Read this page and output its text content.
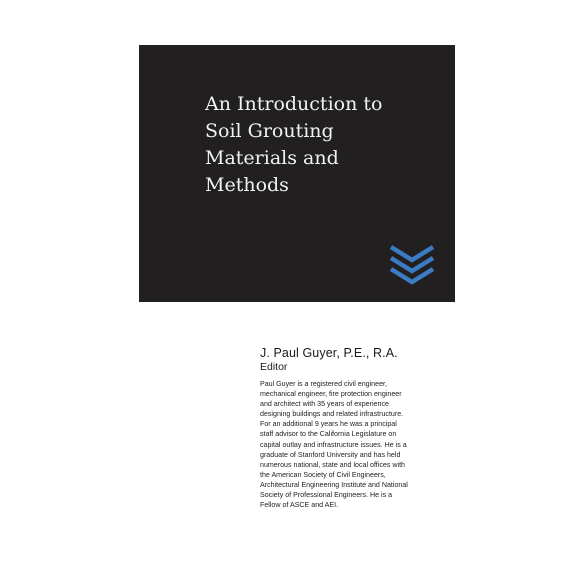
An Introduction to
Soil Grouting
Materials and
Methods

J. Paul Guyer, P.E., R.A.

Editor

Paul Guyer is a registered civil engineer,
mechanical engineer, fire protection engineer
and architect with 35 years of experience
designing buildings and related infrastructure.
For an additional 9 years he was a principal
staff advisor to the California Legislature on
capital outlay and infrastructure issues. He is a
graduate of Stanford University and has held
numerous national, state and local offices with
the American Society of Civil Engineers,
Architectural Engineering Institute and National
Society of Professional Engineers. He is a
Fellow of ASCE and AEI.
